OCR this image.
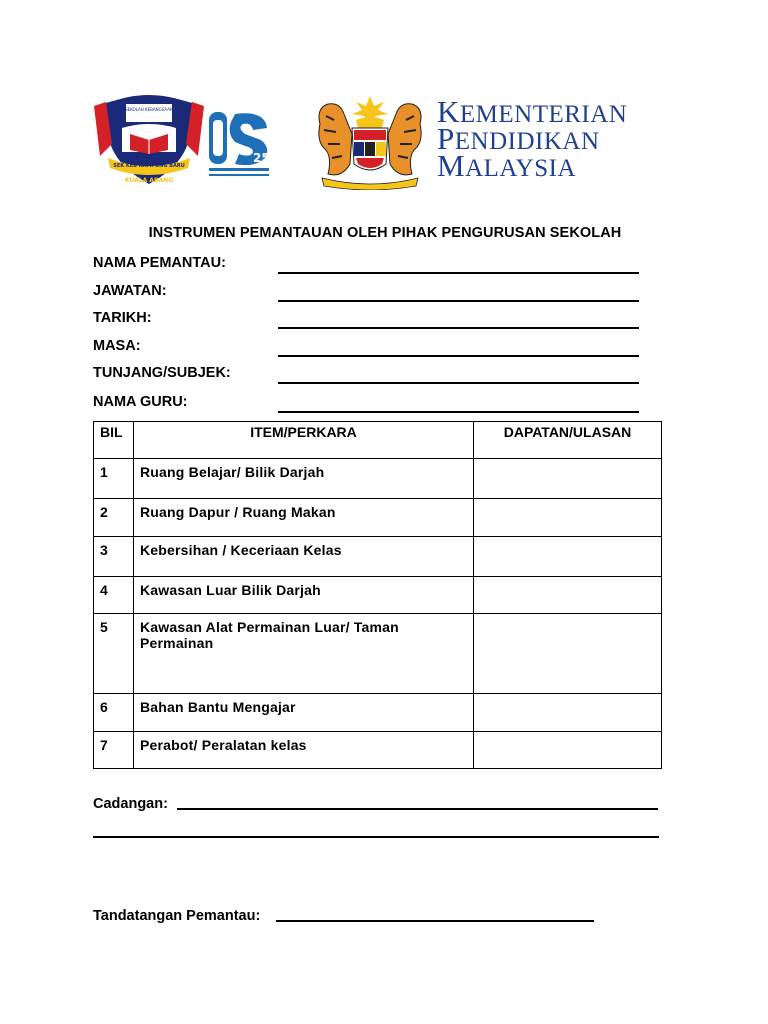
SEKOLAH KEBANGSAAN
SEK KEB KAMPUNG BARU
KUALA ABANG
25
KEMENTERIAN
PENDIDIKAN
MALAYSIA
INSTRUMEN PEMANTAUAN OLEH PIHAK PENGURUSAN SEKOLAH
NAMA PEMANTAU:
JAWATAN:
TARIKH:
MASA:
TUNJANG/SUBJEK:
NAMA GURU:
BIL	ITEM/PERKARA	DAPATAN/ULASAN
1	Ruang Belajar/ Bilik Darjah	
2	Ruang Dapur / Ruang Makan	
3	Kebersihan / Keceriaan Kelas	
4	Kawasan Luar Bilik Darjah	
5	Kawasan Alat Permainan Luar/ Taman Permainan	
6	Bahan Bantu Mengajar	
7	Perabot/ Peralatan kelas	
Cadangan:
Tandatangan Pemantau:
